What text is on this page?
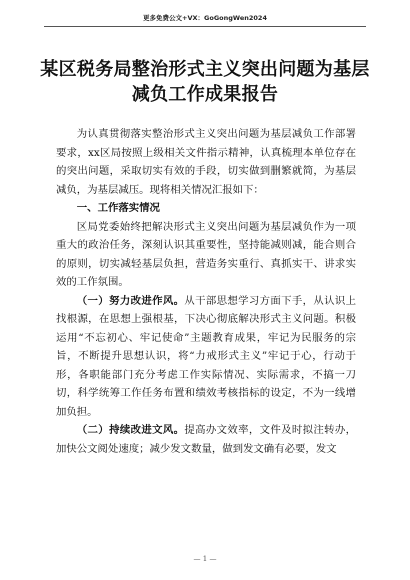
更多免费公文+VX：GoGongWen2024
某区税务局整治形式主义突出问题为基层减负工作成果报告

为认真贯彻落实整治形式主义突出问题为基层减负工作部署要求，xx区局按照上级相关文件指示精神，认真梳理本单位存在的突出问题，采取切实有效的手段，切实做到删繁就简，为基层减负，为基层减压。现将相关情况汇报如下：

一、工作落实情况

区局党委始终把解决形式主义突出问题为基层减负作为一项重大的政治任务，深刻认识其重要性，坚持能减则减，能合则合的原则，切实减轻基层负担，营造务实重行、真抓实干、讲求实效的工作氛围。

（一）努力改进作风。从干部思想学习方面下手，从认识上找根源，在思想上强根基，下决心彻底解决形式主义问题。积极运用“不忘初心、牢记使命”主题教育成果，牢记为民服务的宗旨，不断提升思想认识，将“力戒形式主义”牢记于心，行动于形，各职能部门充分考虑工作实际情况、实际需求，不搞一刀切，科学统筹工作任务布置和绩效考核指标的设定，不为一线增加负担。

（二）持续改进文风。提高办文效率，文件及时拟注转办，加快公文阅处速度；减少发文数量，做到发文确有必要，发文

— 1 —
